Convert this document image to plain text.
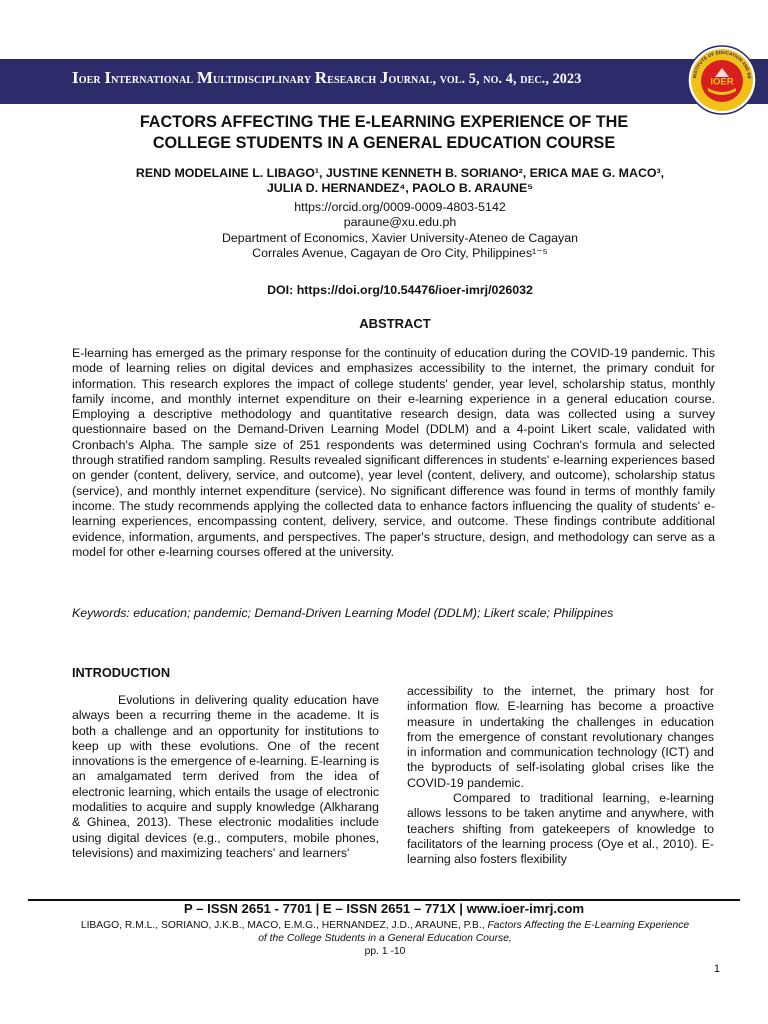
Ioer International Multidisciplinary Research Journal, vol. 5, no. 4, dec., 2023	INSTITUTE OF EDUCATION AND RE
IOER
FACTORS AFFECTING THE E-LEARNING EXPERIENCE OF THE
COLLEGE STUDENTS IN A GENERAL EDUCATION COURSE
REND MODELAINE L. LIBAGO¹, JUSTINE KENNETH B. SORIANO², ERICA MAE G. MACO³,
JULIA D. HERNANDEZ⁴, PAOLO B. ARAUNE⁵
https://orcid.org/0009-0009-4803-5142
paraune@xu.edu.ph
Department of Economics, Xavier University-Ateneo de Cagayan
Corrales Avenue, Cagayan de Oro City, Philippines¹⁻⁵
DOI: https://doi.org/10.54476/ioer-imrj/026032
ABSTRACT
E-learning has emerged as the primary response for the continuity of education during the COVID-19 pandemic. This mode of learning relies on digital devices and emphasizes accessibility to the internet, the primary conduit for information. This research explores the impact of college students' gender, year level, scholarship status, monthly family income, and monthly internet expenditure on their e-learning experience in a general education course. Employing a descriptive methodology and quantitative research design, data was collected using a survey questionnaire based on the Demand-Driven Learning Model (DDLM) and a 4-point Likert scale, validated with Cronbach's Alpha. The sample size of 251 respondents was determined using Cochran's formula and selected through stratified random sampling. Results revealed significant differences in students' e-learning experiences based on gender (content, delivery, service, and outcome), year level (content, delivery, and outcome), scholarship status (service), and monthly internet expenditure (service). No significant difference was found in terms of monthly family income. The study recommends applying the collected data to enhance factors influencing the quality of students' e-learning experiences, encompassing content, delivery, service, and outcome. These findings contribute additional evidence, information, arguments, and perspectives. The paper's structure, design, and methodology can serve as a model for other e-learning courses offered at the university.
Keywords: education; pandemic; Demand-Driven Learning Model (DDLM); Likert scale; Philippines
INTRODUCTION

Evolutions in delivering quality education have always been a recurring theme in the academe. It is both a challenge and an opportunity for institutions to keep up with these evolutions. One of the recent innovations is the emergence of e-learning. E-learning is an amalgamated term derived from the idea of electronic learning, which entails the usage of electronic modalities to acquire and supply knowledge (Alkharang & Ghinea, 2013). These electronic modalities include using digital devices (e.g., computers, mobile phones, televisions) and maximizing teachers' and learners'

accessibility to the internet, the primary host for information flow. E-learning has become a proactive measure in undertaking the challenges in education from the emergence of constant revolutionary changes in information and communication technology (ICT) and the byproducts of self-isolating global crises like the COVID-19 pandemic.

Compared to traditional learning, e-learning allows lessons to be taken anytime and anywhere, with teachers shifting from gatekeepers of knowledge to facilitators of the learning process (Oye et al., 2010). E-learning also fosters flexibility

P – ISSN 2651 - 7701 | E – ISSN 2651 – 771X | www.ioer-imrj.com
LIBAGO, R.M.L., SORIANO, J.K.B., MACO, E.M.G., HERNANDEZ, J.D., ARAUNE, P.B., Factors Affecting the E-Learning Experience of the College Students in a General Education Course,
pp. 1 -10
1
